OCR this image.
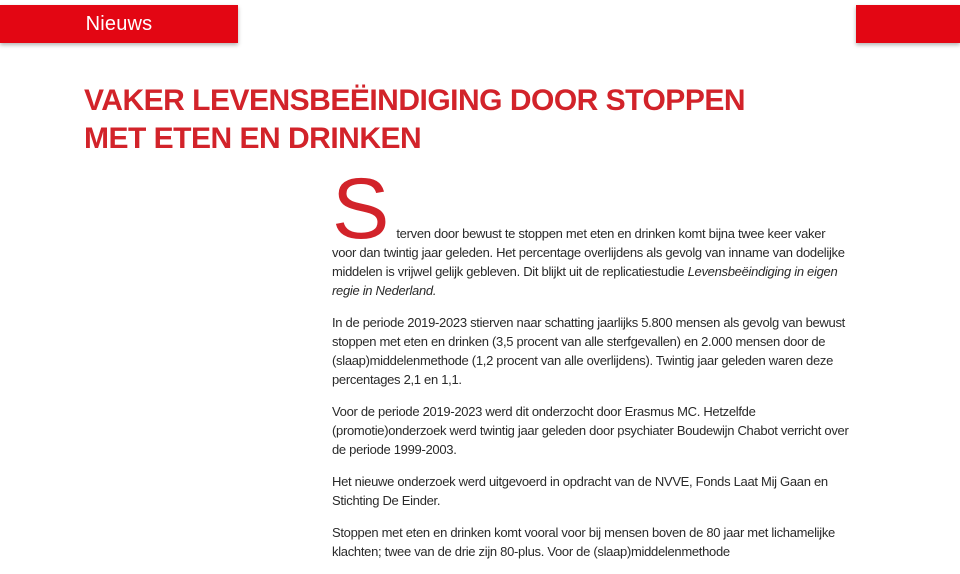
Nieuws
VAKER LEVENSBEËINDIGING DOOR STOPPEN MET ETEN EN DRINKEN

Sterven door bewust te stoppen met eten en drinken komt bijna twee keer vaker voor dan twintig jaar geleden. Het percentage overlijdens als gevolg van inname van dodelijke middelen is vrijwel gelijk gebleven. Dit blijkt uit de replicatiestudie Levensbeëindiging in eigen regie in Nederland.

In de periode 2019-2023 stierven naar schatting jaarlijks 5.800 mensen als gevolg van bewust stoppen met eten en drinken (3,5 procent van alle sterfgevallen) en 2.000 mensen door de (slaap)middelenmethode (1,2 procent van alle overlijdens). Twintig jaar geleden waren deze percentages 2,1 en 1,1.

Voor de periode 2019-2023 werd dit onderzocht door Erasmus MC. Hetzelfde (promotie)onderzoek werd twintig jaar geleden door psychiater Boudewijn Chabot verricht over de periode 1999-2003.

Het nieuwe onderzoek werd uitgevoerd in opdracht van de NVVE, Fonds Laat Mij Gaan en Stichting De Einder.

Stoppen met eten en drinken komt vooral voor bij mensen boven de 80 jaar met lichamelijke klachten; twee van de drie zijn 80-plus. Voor de (slaap)middelenmethode
